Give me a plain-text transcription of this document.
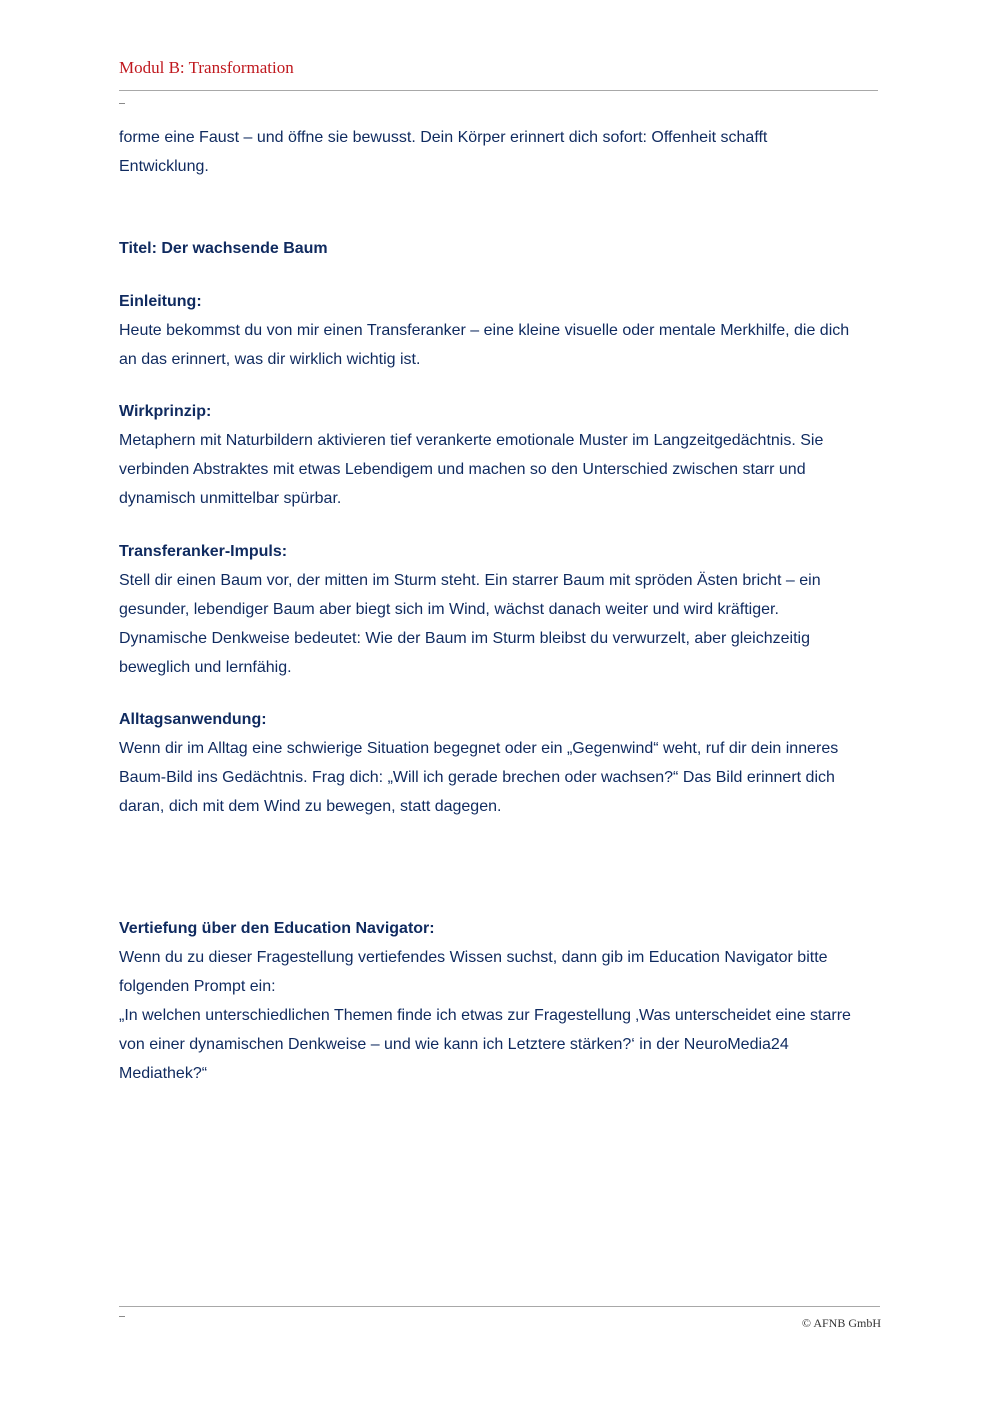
Modul B: Transformation

forme eine Faust – und öffne sie bewusst. Dein Körper erinnert dich sofort: Offenheit schafft Entwicklung.

Titel: Der wachsende Baum

Einleitung:

Heute bekommst du von mir einen Transferanker – eine kleine visuelle oder mentale Merkhilfe, die dich an das erinnert, was dir wirklich wichtig ist.

Wirkprinzip:

Metaphern mit Naturbildern aktivieren tief verankerte emotionale Muster im Langzeitgedächtnis. Sie verbinden Abstraktes mit etwas Lebendigem und machen so den Unterschied zwischen starr und dynamisch unmittelbar spürbar.

Transferanker-Impuls:

Stell dir einen Baum vor, der mitten im Sturm steht. Ein starrer Baum mit spröden Ästen bricht – ein gesunder, lebendiger Baum aber biegt sich im Wind, wächst danach weiter und wird kräftiger. Dynamische Denkweise bedeutet: Wie der Baum im Sturm bleibst du verwurzelt, aber gleichzeitig beweglich und lernfähig.

Alltagsanwendung:

Wenn dir im Alltag eine schwierige Situation begegnet oder ein „Gegenwind“ weht, ruf dir dein inneres Baum-Bild ins Gedächtnis. Frag dich: „Will ich gerade brechen oder wachsen?“ Das Bild erinnert dich daran, dich mit dem Wind zu bewegen, statt dagegen.

Vertiefung über den Education Navigator:

Wenn du zu dieser Fragestellung vertiefendes Wissen suchst, dann gib im Education Navigator bitte folgenden Prompt ein:

„In welchen unterschiedlichen Themen finde ich etwas zur Fragestellung ‚Was unterscheidet eine starre von einer dynamischen Denkweise – und wie kann ich Letztere stärken?‘ in der NeuroMedia24 Mediathek?“

© AFNB GmbH
